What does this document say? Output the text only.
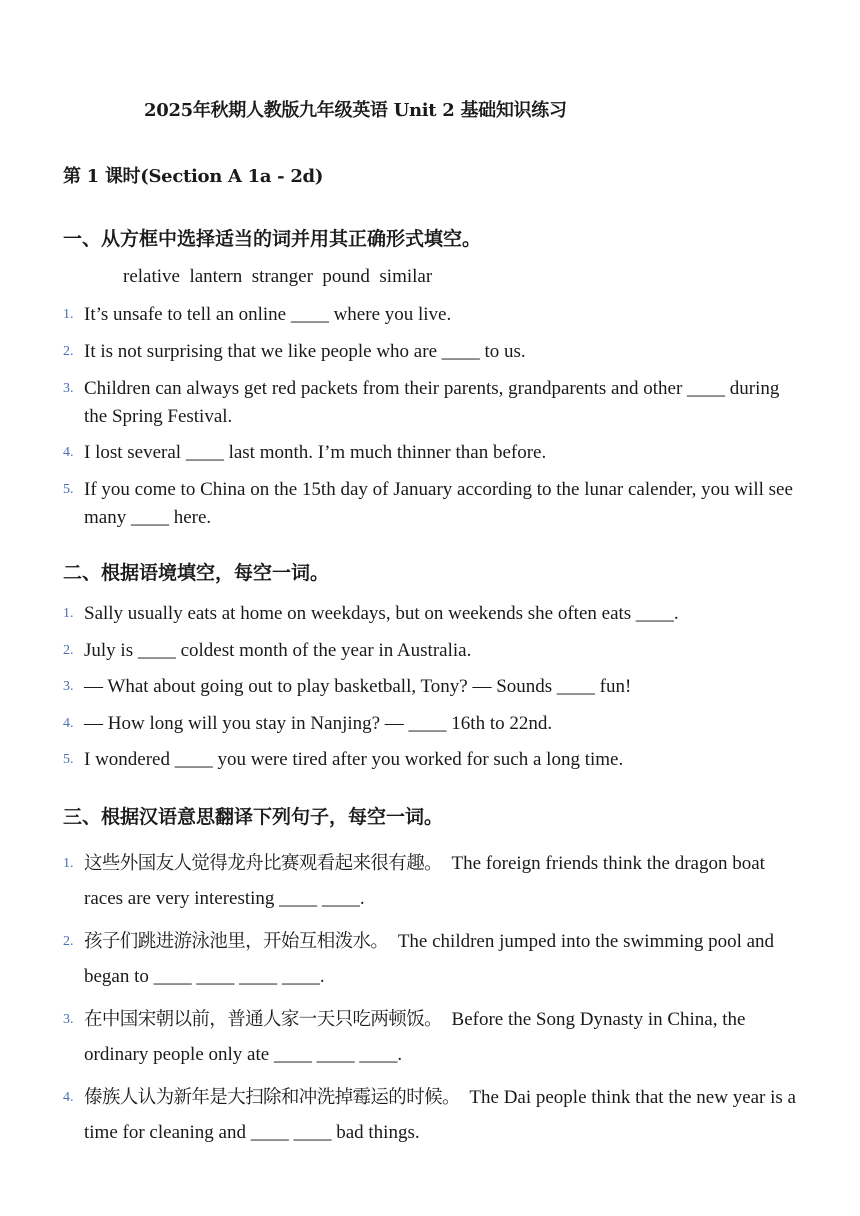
2025年秋期人教版九年级英语 Unit 2 基础知识练习
第 1 课时(Section A 1a - 2d)
一、从方框中选择适当的词并用其正确形式填空。
relative  lantern  stranger  pound  similar
1. It’s unsafe to tell an online ____ where you live.
2. It is not surprising that we like people who are ____ to us.
3. Children can always get red packets from their parents, grandparents and other ____ during the Spring Festival.
4. I lost several ____ last month. I’m much thinner than before.
5. If you come to China on the 15th day of January according to the lunar calender, you will see many ____ here.
二、根据语境填空，每空一词。
1. Sally usually eats at home on weekdays, but on weekends she often eats ____.
2. July is ____ coldest month of the year in Australia.
3. — What about going out to play basketball, Tony? — Sounds ____ fun!
4. — How long will you stay in Nanjing? — ____ 16th to 22nd.
5. I wondered ____ you were tired after you worked for such a long time.
三、根据汉语意思翻译下列句子，每空一词。
1. 这些外国友人觉得龙舟比赛观看起来很有趣。 The foreign friends think the dragon boat races are very interesting ____ ____.
2. 孩子们跳进游泳池里，开始互相泼水。 The children jumped into the swimming pool and began to ____ ____ ____ ____.
3. 在中国宋朝以前，普通人家一天只吃两顿饭。 Before the Song Dynasty in China, the ordinary people only ate ____ ____ ____.
4. 傣族人认为新年是大扫除和冲洗掉霉运的时候。 The Dai people think that the new year is a time for cleaning and ____ ____ bad things.
